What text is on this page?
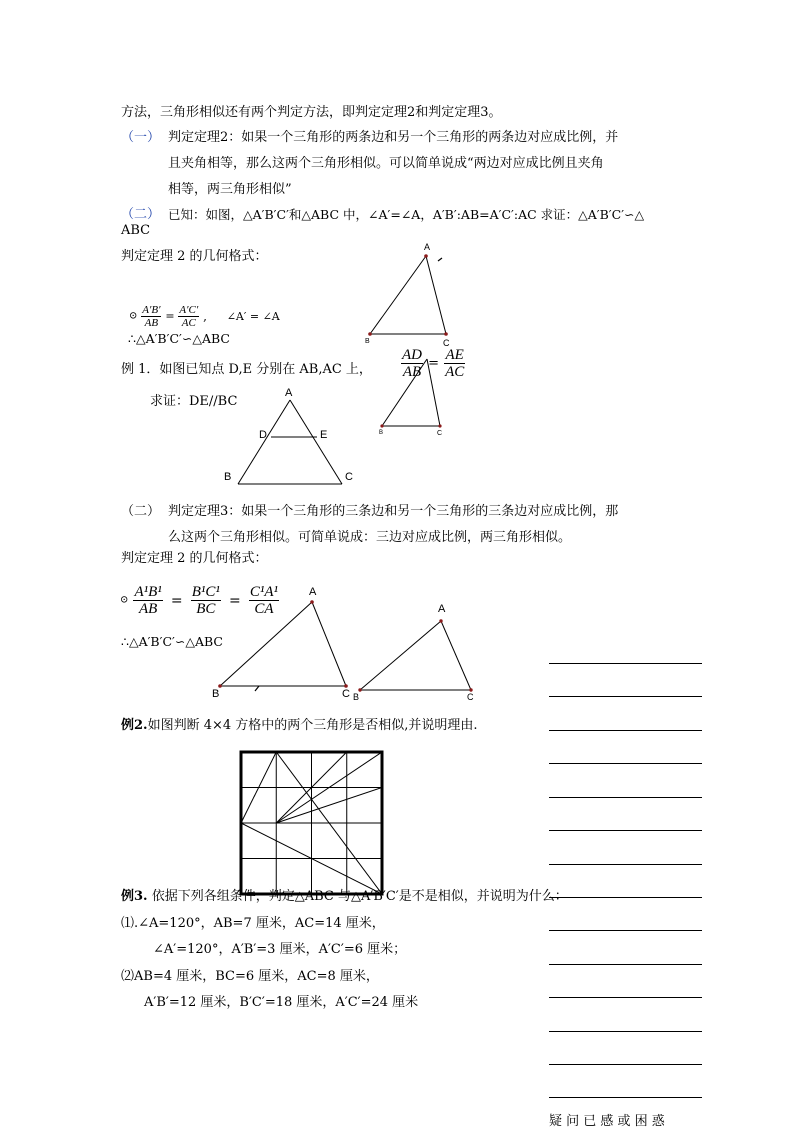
方法，三角形相似还有两个判定方法，即判定定理2和判定定理3。
（一） 判定定理2：如果一个三角形的两条边和另一个三角形的两条边对应成比例，并
且夹角相等，那么这两个三角形相似。可以简单说成“两边对应成比例且夹角
相等，两三角形相似”
（二） 已知：如图，△A′B′C′和△ABC 中，∠A′=∠A，A′B′:AB=A′C′:AC 求证：△A′B′C′∽△
ABC
判定定理 2 的几何格式：
⊙ $\frac{A'B'}{AB} = \frac{A'C'}{AC}$ , ∠A′ = ∠A
∴△A′B′C′∽△ABC
A
B	C
例 1．如图已知点 D,E 分别在 AB,AC 上， $\frac{AD}{AB} = \frac{AE}{AC}$
求证：DE//BC
B	C
A
D	E
B	C
（二） 判定定理3：如果一个三角形的三条边和另一个三角形的三条边对应成比例，那
么这两个三角形相似。可简单说成：三边对应成比例，两三角形相似。
判定定理 2 的几何格式：
⊙ $\frac{\text{A¹B¹}}{AB} = \frac{\text{B¹C¹}}{BC} = \frac{\text{C¹A¹}}{CA}$
∴△A′B′C′∽△ABC
A
B	C
A
B	C
例2.如图判断 4×4 方格中的两个三角形是否相似,并说明理由.
例3. 依据下列各组条件，判定△ABC 与△A′B′C′是不是相似，并说明为什么：
⑴.∠A=120°，AB=7 厘米，AC=14 厘米，
∠A′=120°，A′B′=3 厘米，A′C′=6 厘米；
⑵AB=4 厘米，BC=6 厘米，AC=8 厘米，
A′B′=12 厘米，B′C′=18 厘米，A′C′=24 厘米
疑 问 已 感 或 困 惑
